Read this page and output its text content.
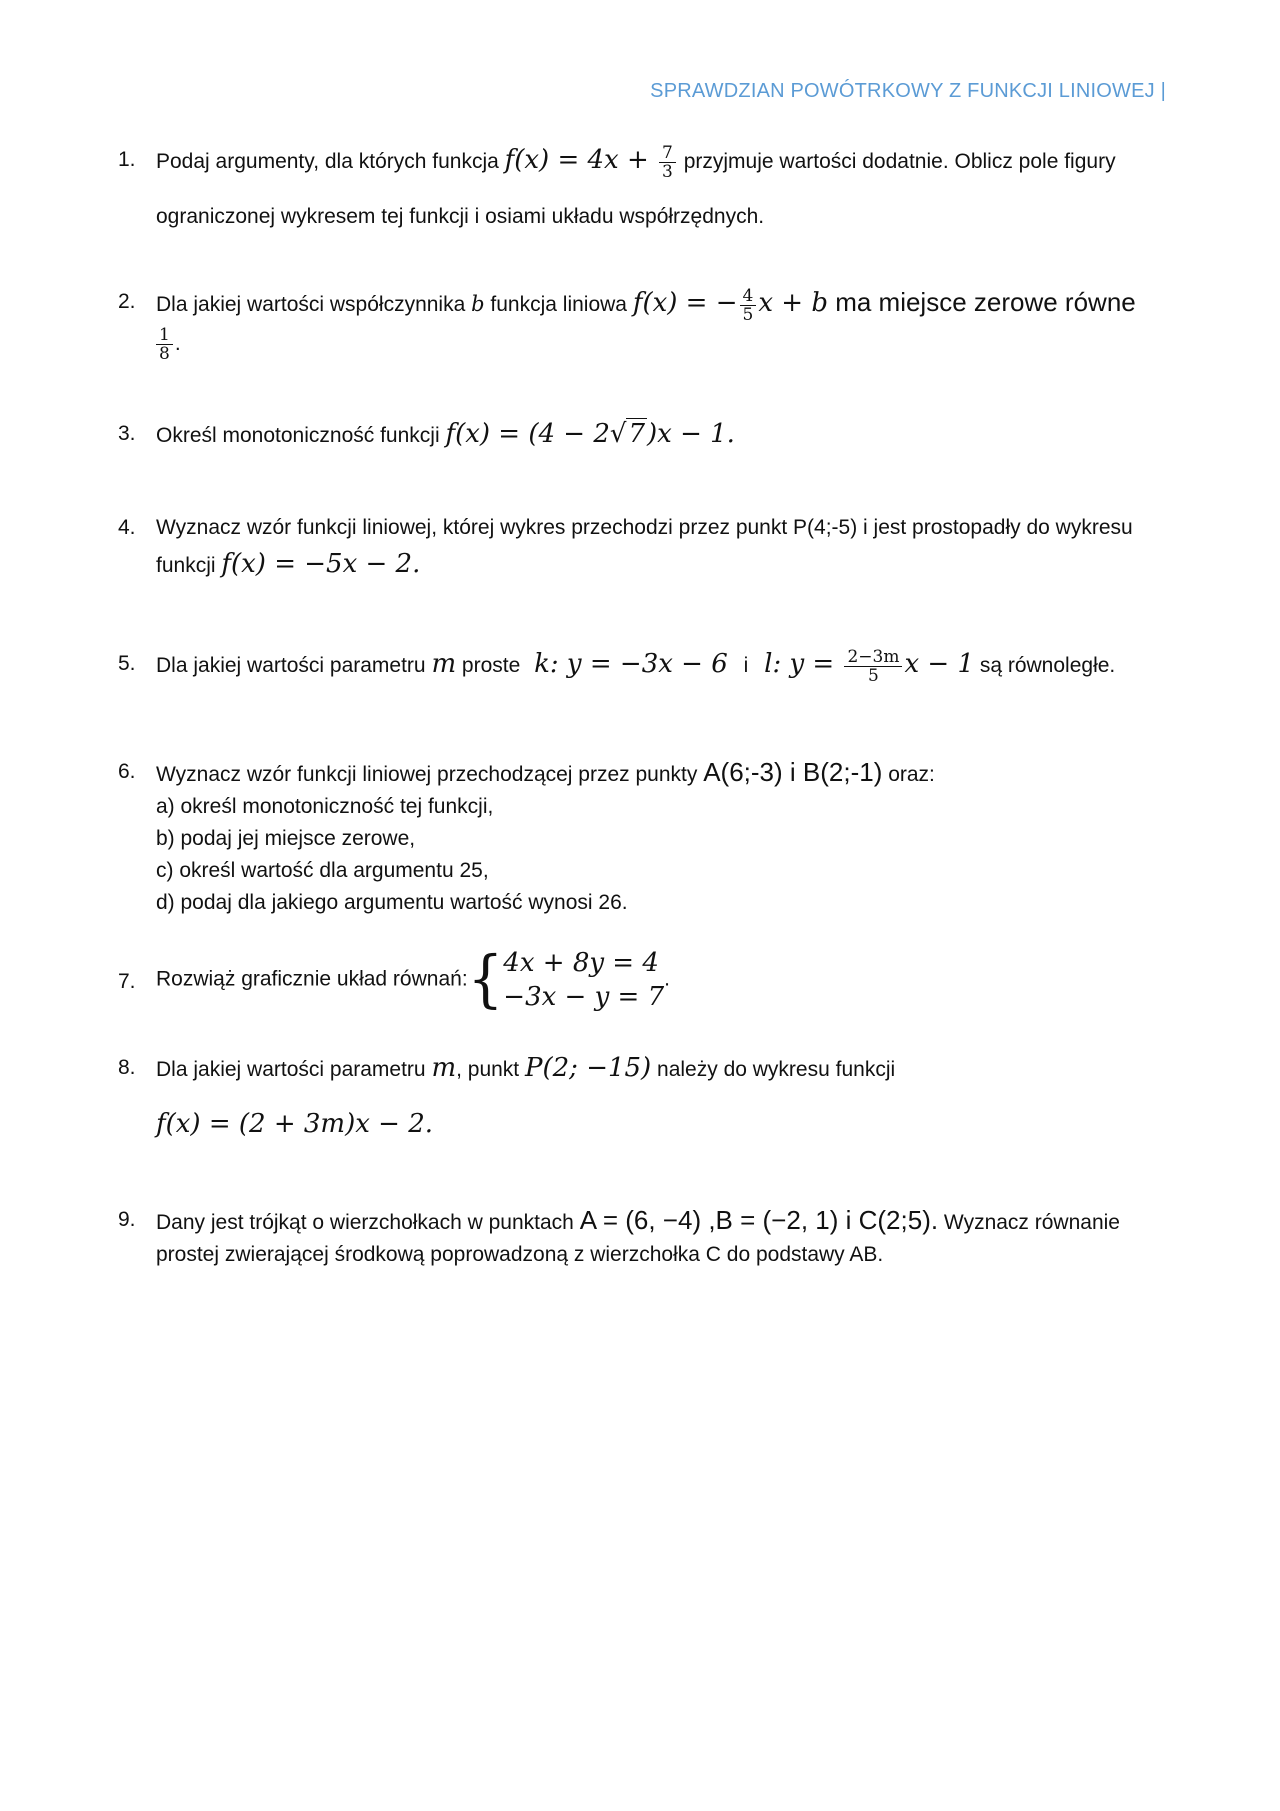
SPRAWDZIAN POWÓTRKOWY Z FUNKCJI LINIOWEJ |
1. Podaj argumenty, dla których funkcja $f(x) = 4x + \frac{7}{3}$ przyjmuje wartości dodatnie. Oblicz pole figury
ograniczonej wykresem tej funkcji i osiami układu współrzędnych.
2. Dla jakiej wartości współczynnika b funkcja liniowa f(x) = − $\frac{4}{5}$ x + b ma miejsce zerowe równe
$\frac{1}{8}$ .
3. Określ monotoniczność funkcji f(x) = (4 − 2√7)x − 1.
4. Wyznacz wzór funkcji liniowej, której wykres przechodzi przez punkt P(4;-5) i jest prostopadły do wykresu
funkcji f(x) = −5x − 2.
5. Dla jakiej wartości parametru m proste k: y = −3x − 6 i l: $y = \frac{2-3m}{5}$ x − 1 są równoległe.
6. Wyznacz wzór funkcji liniowej przechodzącej przez punkty A(6;-3) i B(2;-1) oraz:
a) określ monotoniczność tej funkcji,
b) podaj jej miejsce zerowe,
c) określ wartość dla argumentu 25,
d) podaj dla jakiego argumentu wartość wynosi 26.
7. Rozwiąż graficznie układ równań:{ 4x + 8y = 4
−3x − y = 7
.
8. Dla jakiej wartości parametru m, punkt P(2; −15) należy do wykresu funkcji
f(x) = (2 + 3m)x − 2.
9. Dany jest trójkąt o wierzchołkach w punktach A = (6, −4) ,B = (−2, 1) i C(2;5). Wyznacz równanie
prostej zwierającej środkową poprowadzoną z wierzchołka C do podstawy AB.
